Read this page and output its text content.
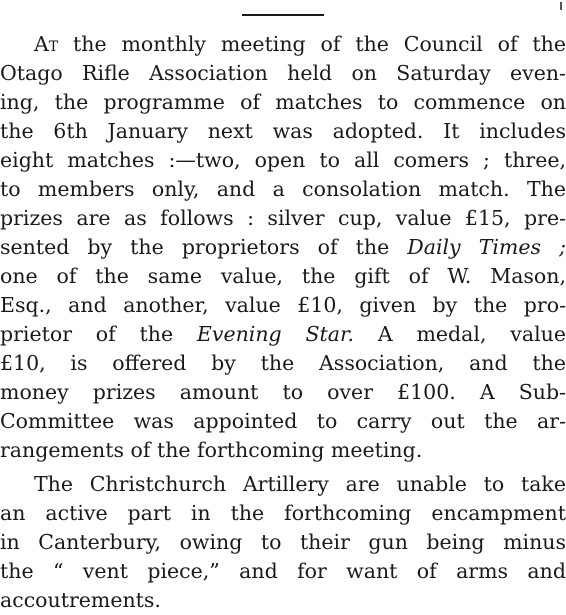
At the monthly meeting of the Council of the
Otago Rifle Association held on Saturday even-
ing, the programme of matches to commence on
the 6th January next was adopted. It includes
eight matches :—two, open to all comers ; three,
to members only, and a consolation match. The
prizes are as follows : silver cup, value £15, pre-
sented by the proprietors of the Daily Times ;
one of the same value, the gift of W. Mason,
Esq., and another, value £10, given by the pro-
prietor of the Evening Star. A medal, value
£10, is offered by the Association, and the
money prizes amount to over £100. A Sub-
Committee was appointed to carry out the ar-
rangements of the forthcoming meeting.
The Christchurch Artillery are unable to take
an active part in the forthcoming encampment
in Canterbury, owing to their gun being minus
the “ vent piece,” and for want of arms and
accoutrements.
